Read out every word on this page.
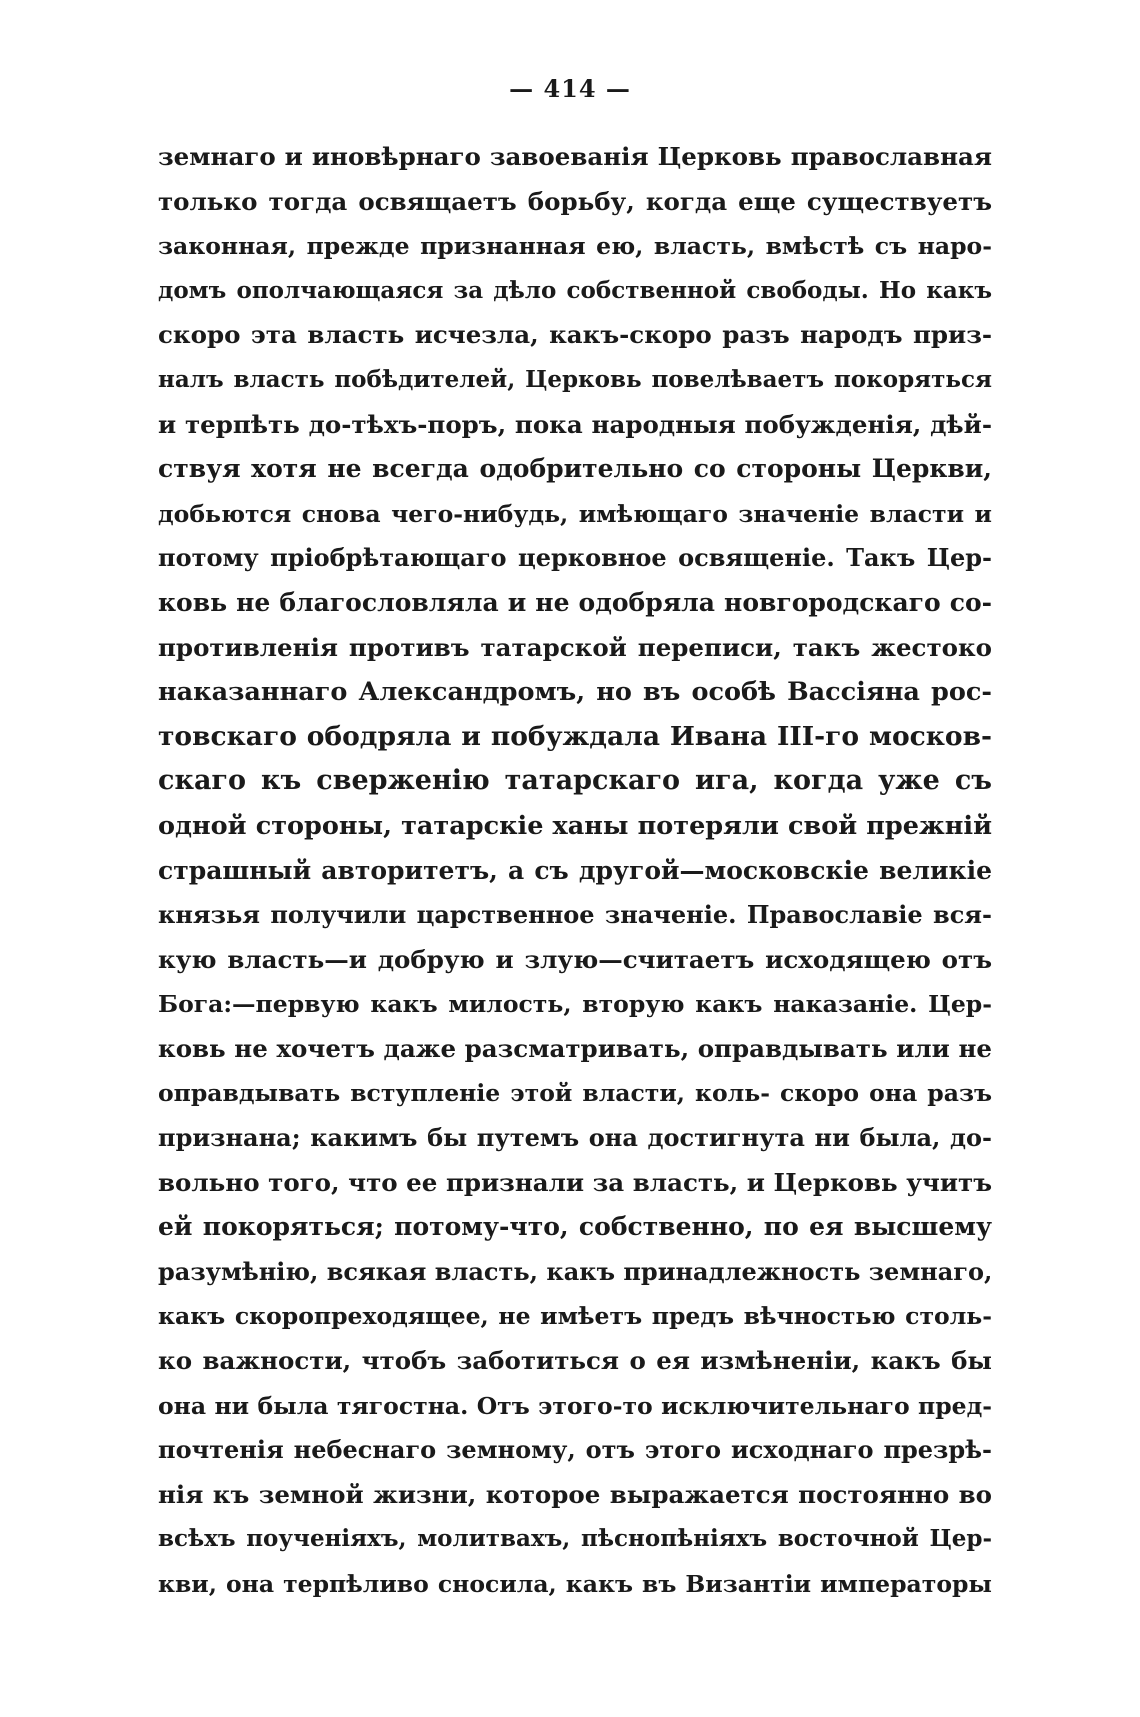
— 414 —
земнаго и иновѣрнаго завоеванія Церковь православная
только тогда освящаетъ борьбу, когда еще существуетъ
законная, прежде признанная ею, власть, вмѣстѣ съ наро-
домъ ополчающаяся за дѣло собственной свободы. Но какъ
скоро эта власть исчезла, какъ-скоро разъ народъ приз-
налъ власть побѣдителей, Церковь повелѣваетъ покоряться
и терпѣть до-тѣхъ-поръ, пока народныя побужденія, дѣй-
ствуя хотя не всегда одобрительно со стороны Церкви,
добьются снова чего-нибудь, имѣющаго значеніе власти и
потому пріобрѣтающаго церковное освященіе. Такъ Цер-
ковь не благословляла и не одобряла новгородскаго со-
противленія противъ татарской переписи, такъ жестоко
наказаннаго Александромъ, но въ особѣ Вассіяна рос-
товскаго ободряла и побуждала Ивана III-го москов-
скаго къ сверженію татарскаго ига, когда уже съ
одной стороны, татарскіе ханы потеряли свой прежній
страшный авторитетъ, а съ другой—московскіе великіе
князья получили царственное значеніе. Православіе вся-
кую власть—и добрую и злую—считаетъ исходящею отъ
Бога:—первую какъ милость, вторую какъ наказаніе. Цер-
ковь не хочетъ даже разсматривать, оправдывать или не
оправдывать вступленіе этой власти, коль- скоро она разъ
признана; какимъ бы путемъ она достигнута ни была, до-
вольно того, что ее признали за власть, и Церковь учитъ
ей покоряться; потому-что, собственно, по ея высшему
разумѣнію, всякая власть, какъ принадлежность земнаго,
какъ скоропреходящее, не имѣетъ предъ вѣчностью столь-
ко важности, чтобъ заботиться о ея измѣненіи, какъ бы
она ни была тягостна. Отъ этого-то исключительнаго пред-
почтенія небеснаго земному, отъ этого исходнаго презрѣ-
нія къ земной жизни, которое выражается постоянно во
всѣхъ поученіяхъ, молитвахъ, пѣснопѣніяхъ восточной Цер-
кви, она терпѣливо сносила, какъ въ Византіи императоры
